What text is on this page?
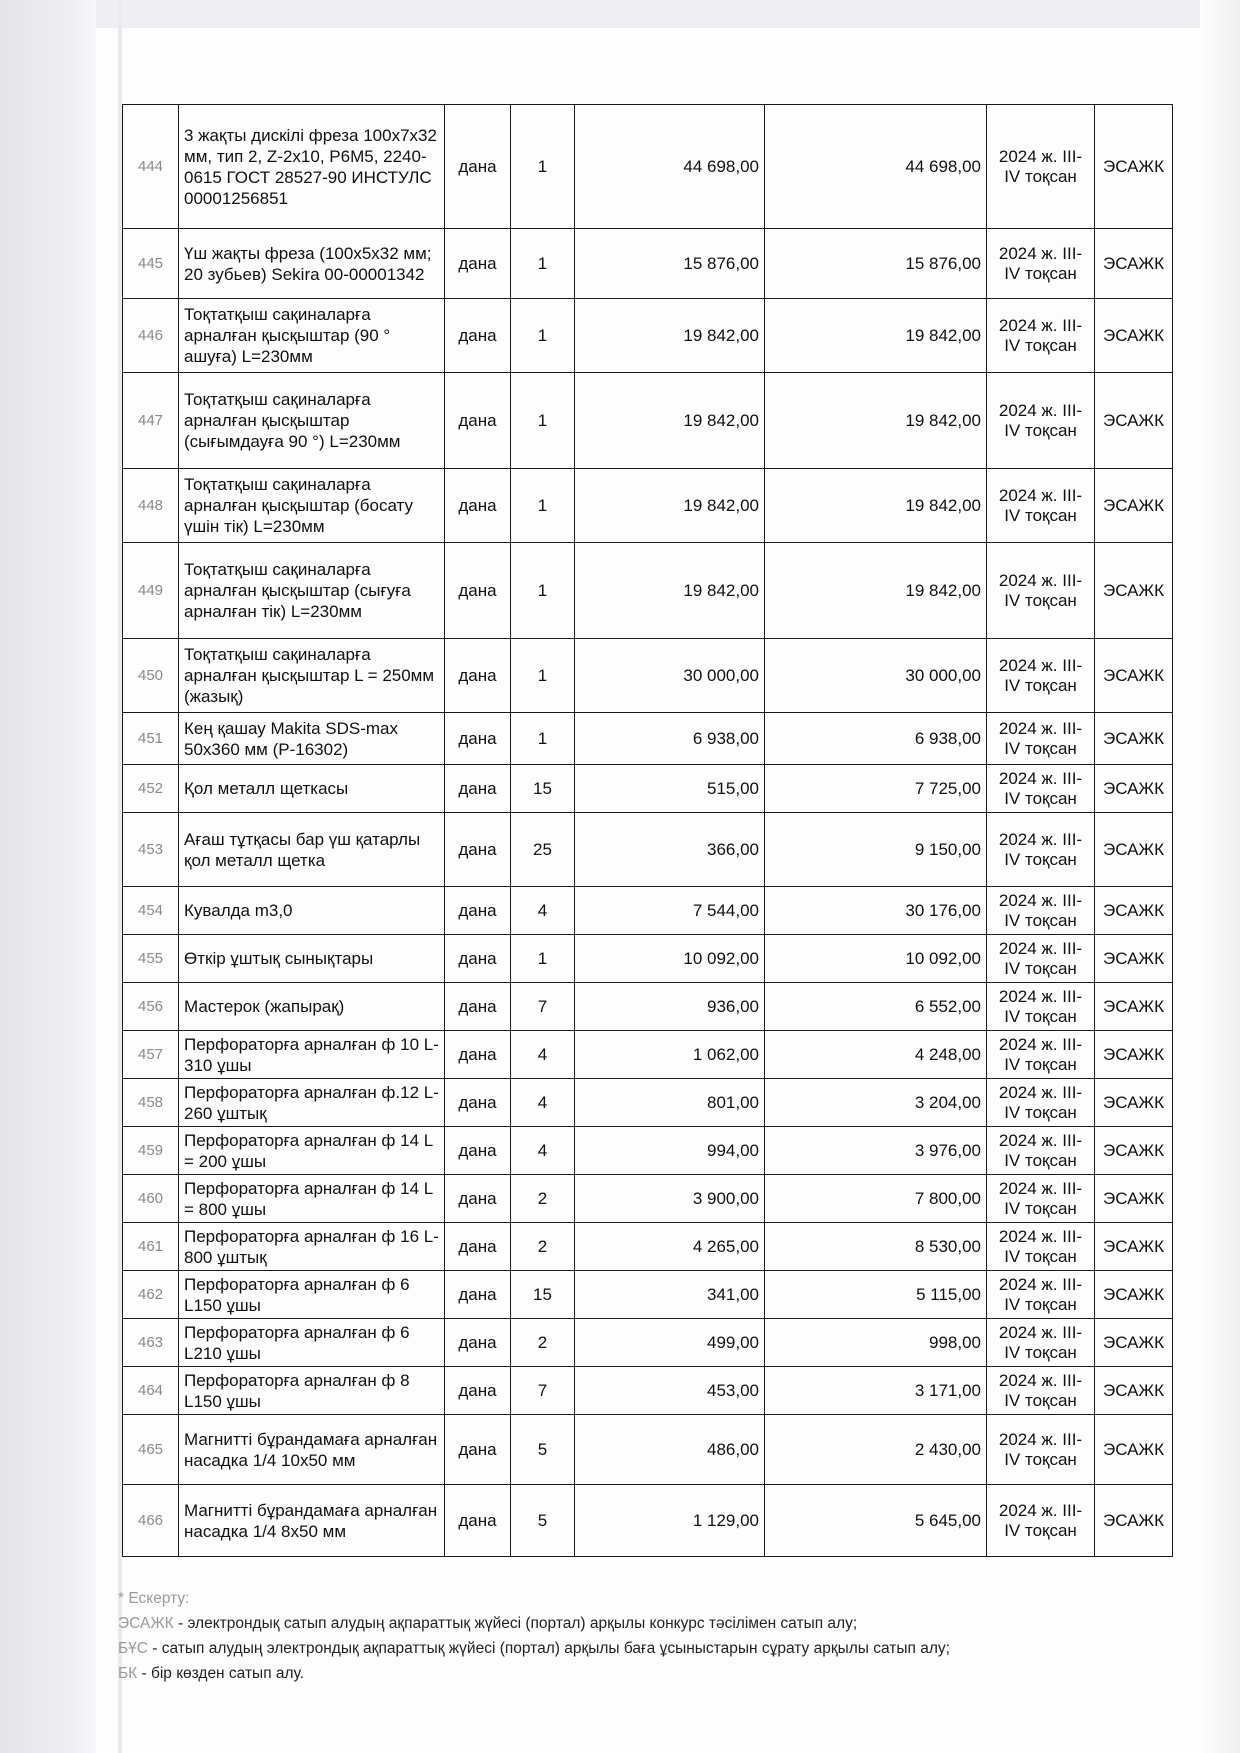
444	3 жақты дискілі фреза 100х7х32 мм, тип 2, Z-2х10, Р6М5, 2240-0615 ГОСТ 28527-90 ИНСТУЛС 00001256851	дана	1	44 698,00	44 698,00	2024 ж. III-IV тоқсан	ЭСАЖК
445	Үш жақты фреза (100х5х32 мм; 20 зубьев) Sekira 00-00001342	дана	1	15 876,00	15 876,00	2024 ж. III-IV тоқсан	ЭСАЖК
446	Тоқтатқыш сақиналарға арналған қысқыштар (90 ° ашуға) L=230мм	дана	1	19 842,00	19 842,00	2024 ж. III-IV тоқсан	ЭСАЖК
447	Тоқтатқыш сақиналарға арналған қысқыштар (сығымдауға 90 °) L=230мм	дана	1	19 842,00	19 842,00	2024 ж. III-IV тоқсан	ЭСАЖК
448	Тоқтатқыш сақиналарға арналған қысқыштар (босату үшін тік) L=230мм	дана	1	19 842,00	19 842,00	2024 ж. III-IV тоқсан	ЭСАЖК
449	Тоқтатқыш сақиналарға арналған қысқыштар (сығуға арналған тік) L=230мм	дана	1	19 842,00	19 842,00	2024 ж. III-IV тоқсан	ЭСАЖК
450	Тоқтатқыш сақиналарға арналған қысқыштар L = 250мм (жазық)	дана	1	30 000,00	30 000,00	2024 ж. III-IV тоқсан	ЭСАЖК
451	Кең қашау Makita SDS-max 50х360 мм (Р-16302)	дана	1	6 938,00	6 938,00	2024 ж. III-IV тоқсан	ЭСАЖК
452	Қол металл щеткасы	дана	15	515,00	7 725,00	2024 ж. III-IV тоқсан	ЭСАЖК
453	Ағаш тұтқасы бар үш қатарлы қол металл щетка	дана	25	366,00	9 150,00	2024 ж. III-IV тоқсан	ЭСАЖК
454	Кувалда m3,0	дана	4	7 544,00	30 176,00	2024 ж. III-IV тоқсан	ЭСАЖК
455	Өткір ұштық сынықтары	дана	1	10 092,00	10 092,00	2024 ж. III-IV тоқсан	ЭСАЖК
456	Мастерок (жапырақ)	дана	7	936,00	6 552,00	2024 ж. III-IV тоқсан	ЭСАЖК
457	Перфораторға арналған ф 10 L-310 ұшы	дана	4	1 062,00	4 248,00	2024 ж. III-IV тоқсан	ЭСАЖК
458	Перфораторға арналған ф.12 L-260 ұштық	дана	4	801,00	3 204,00	2024 ж. III-IV тоқсан	ЭСАЖК
459	Перфораторға арналған ф 14 L = 200 ұшы	дана	4	994,00	3 976,00	2024 ж. III-IV тоқсан	ЭСАЖК
460	Перфораторға арналған ф 14 L = 800 ұшы	дана	2	3 900,00	7 800,00	2024 ж. III-IV тоқсан	ЭСАЖК
461	Перфораторға арналған ф 16 L-800 ұштық	дана	2	4 265,00	8 530,00	2024 ж. III-IV тоқсан	ЭСАЖК
462	Перфораторға арналған ф 6 L150 ұшы	дана	15	341,00	5 115,00	2024 ж. III-IV тоқсан	ЭСАЖК
463	Перфораторға арналған ф 6 L210 ұшы	дана	2	499,00	998,00	2024 ж. III-IV тоқсан	ЭСАЖК
464	Перфораторға арналған ф 8 L150 ұшы	дана	7	453,00	3 171,00	2024 ж. III-IV тоқсан	ЭСАЖК
465	Магнитті бұрандамаға арналған насадка 1/4 10х50 мм	дана	5	486,00	2 430,00	2024 ж. III-IV тоқсан	ЭСАЖК
466	Магнитті бұрандамаға арналған насадка 1/4 8х50 мм	дана	5	1 129,00	5 645,00	2024 ж. III-IV тоқсан	ЭСАЖК
* Ескерту:
ЭСАЖК - электрондық сатып алудың ақпараттық жүйесі (портал) арқылы конкурс тәсілімен сатып алу;
БҰС - сатып алудың электрондық ақпараттық жүйесі (портал) арқылы баға ұсыныстарын сұрату арқылы сатып алу;
БК - бір көзден сатып алу.
